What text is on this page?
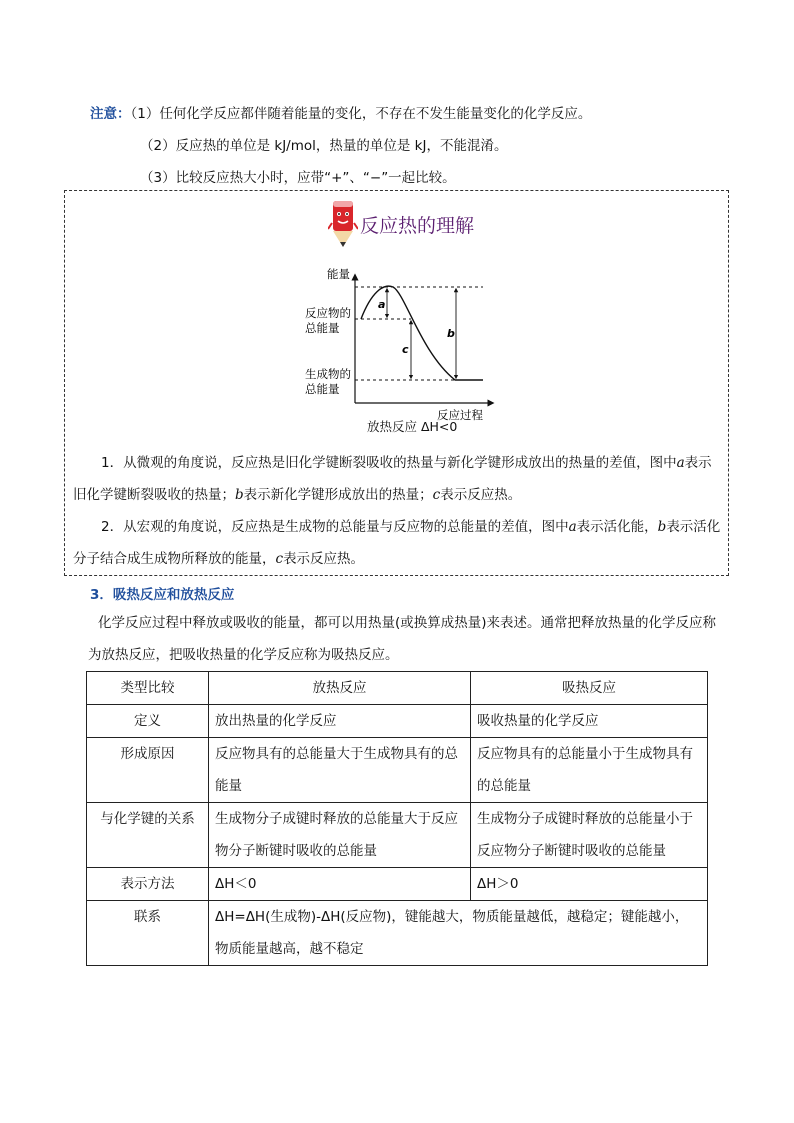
注意：（1）任何化学反应都伴随着能量的变化，不存在不发生能量变化的化学反应。
（2）反应热的单位是 kJ/mol，热量的单位是 kJ，不能混淆。
（3）比较反应热大小时，应带“+”、“−”一起比较。
反应热的理解
能量
反应物的
总能量
生成物的
总能量
a
b
c
反应过程
放热反应 ΔH<0
1．从微观的角度说，反应热是旧化学键断裂吸收的热量与新化学键形成放出的热量的差值，图中a表示旧化学键断裂吸收的热量；b表示新化学键形成放出的热量；c表示反应热。
2．从宏观的角度说，反应热是生成物的总能量与反应物的总能量的差值，图中a表示活化能，b表示活化分子结合成生成物所释放的能量，c表示反应热。
3．吸热反应和放热反应
化学反应过程中释放或吸收的能量，都可以用热量(或换算成热量)来表述。通常把释放热量的化学反应称为放热反应，把吸收热量的化学反应称为吸热反应。
类型比较	放热反应	吸热反应
定义	放出热量的化学反应	吸收热量的化学反应
形成原因	反应物具有的总能量大于生成物具有的总能量	反应物具有的总能量小于生成物具有的总能量
与化学键的关系	生成物分子成键时释放的总能量大于反应物分子断键时吸收的总能量	生成物分子成键时释放的总能量小于反应物分子断键时吸收的总能量
表示方法	ΔH＜0	ΔH＞0
联系	ΔH=ΔH(生成物)-ΔH(反应物)，键能越大，物质能量越低，越稳定；键能越小，物质能量越高，越不稳定	
